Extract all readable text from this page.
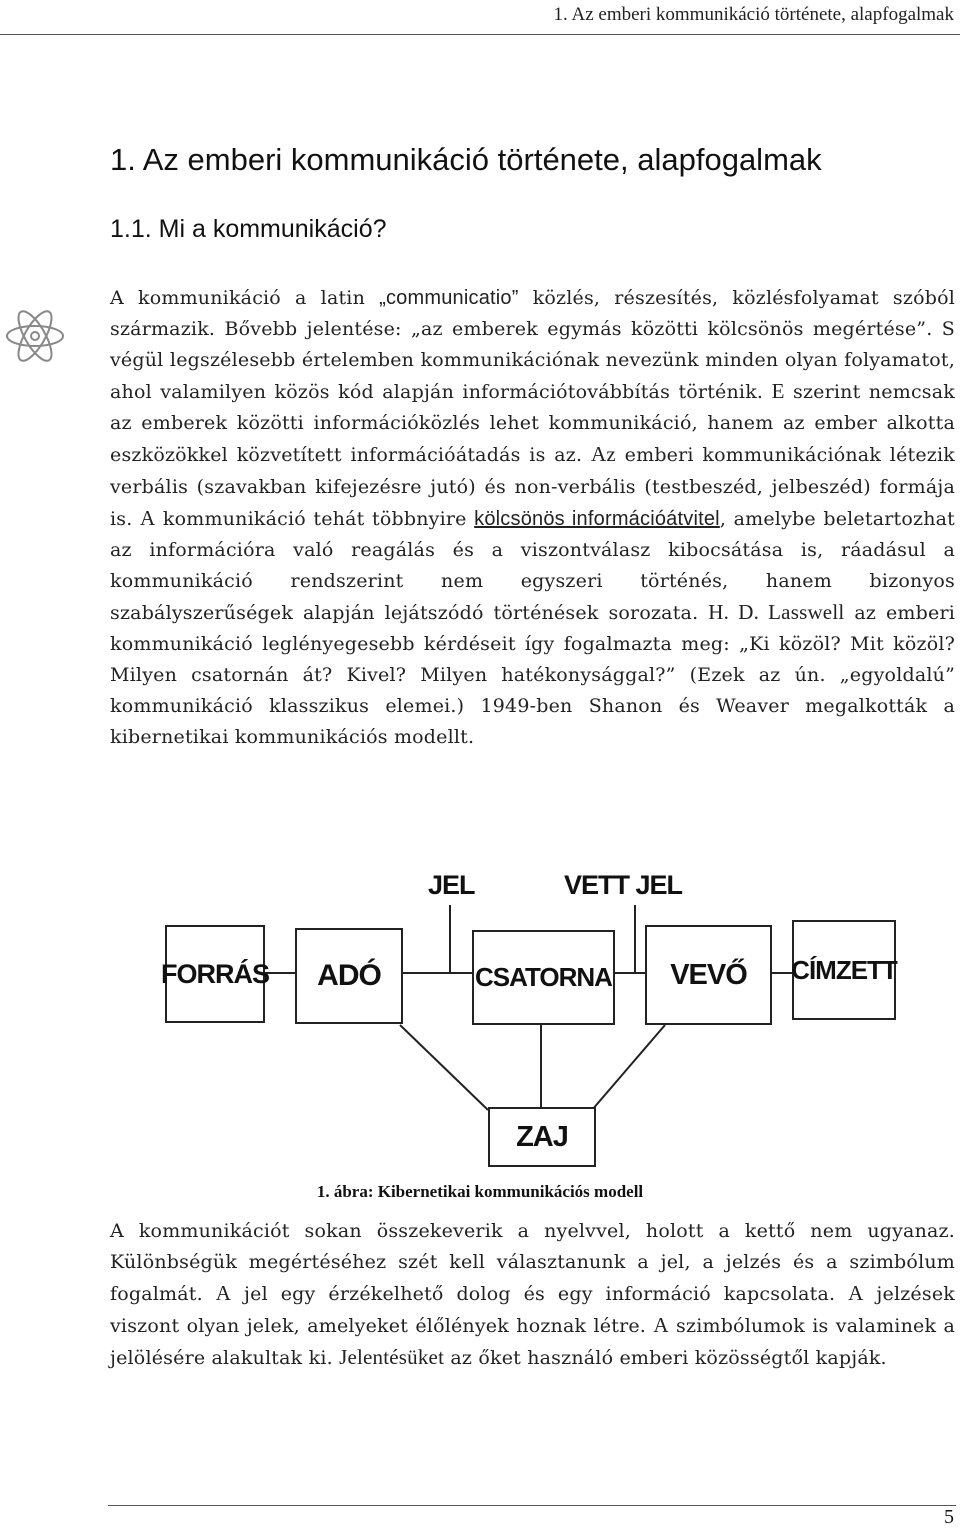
1. Az emberi kommunikáció története, alapfogalmak
1. Az emberi kommunikáció története, alapfogalmak
1.1. Mi a kommunikáció?

A kommunikáció a latin „communicatio” közlés, részesítés, közlésfolyamat szóból származik. Bővebb jelentése: „az emberek egymás közötti kölcsönös megértése”. S végül legszélesebb értelemben kommunikációnak nevezünk minden olyan folyamatot, ahol valamilyen közös kód alapján információtovábbítás történik. E szerint nemcsak az emberek közötti információközlés lehet kommunikáció, hanem az ember alkotta eszközökkel közvetített információátadás is az. Az emberi kommunikációnak létezik verbális (szavakban kifejezésre jutó) és non-verbális (testbeszéd, jelbeszéd) formája is. A kommunikáció tehát többnyire kölcsönös információátvitel, amelybe beletartozhat az információra való reagálás és a viszontválasz kibocsátása is, ráadásul a kommunikáció rendszerint nem egyszeri történés, hanem bizonyos szabályszerűségek alapján lejátszódó történések sorozata. H. D. Lasswell az emberi kommunikáció leglényegesebb kérdéseit így fogalmazta meg: „Ki közöl? Mit közöl? Milyen csatornán át? Kivel? Milyen hatékonysággal?” (Ezek az ún. „egyoldalú” kommunikáció klasszikus elemei.) 1949-ben Shanon és Weaver megalkották a kibernetikai kommunikációs modellt.

JEL	VETT JEL
FORRÁS	ADÓ	CSATORNA	VEVŐ	CÍMZETT
ZAJ
1. ábra: Kibernetikai kommunikációs modell

A kommunikációt sokan összekeverik a nyelvvel, holott a kettő nem ugyanaz. Különbségük megértéséhez szét kell választanunk a jel, a jelzés és a szimbólum fogalmát. A jel egy érzékelhető dolog és egy információ kapcsolata. A jelzések viszont olyan jelek, amelyeket élőlények hoznak létre. A szimbólumok is valaminek a jelölésére alakultak ki. Jelentésüket az őket használó emberi közösségtől kapják.

5
